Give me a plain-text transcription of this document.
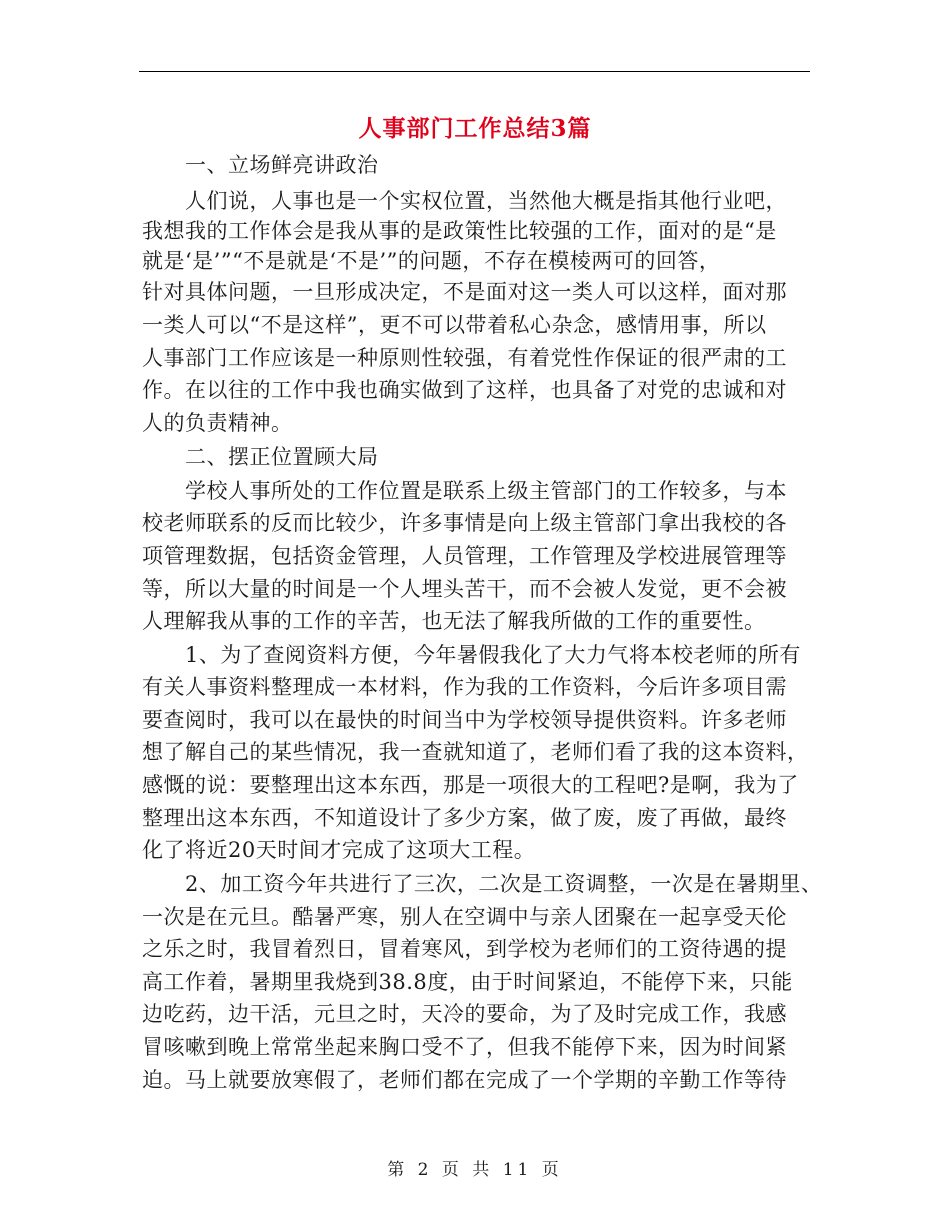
人事部门工作总结3篇
　　一、立场鲜亮讲政治
　　人们说，人事也是一个实权位置，当然他大概是指其他行业吧，
我想我的工作体会是我从事的是政策性比较强的工作，面对的是“是
就是‘是’”“不是就是‘不是’”的问题，不存在模棱两可的回答，
针对具体问题，一旦形成决定，不是面对这一类人可以这样，面对那
一类人可以“不是这样”，更不可以带着私心杂念，感情用事，所以
人事部门工作应该是一种原则性较强，有着党性作保证的很严肃的工
作。在以往的工作中我也确实做到了这样，也具备了对党的忠诚和对
人的负责精神。
　　二、摆正位置顾大局
　　学校人事所处的工作位置是联系上级主管部门的工作较多，与本
校老师联系的反而比较少，许多事情是向上级主管部门拿出我校的各
项管理数据，包括资金管理，人员管理，工作管理及学校进展管理等
等，所以大量的时间是一个人埋头苦干，而不会被人发觉，更不会被
人理解我从事的工作的辛苦，也无法了解我所做的工作的重要性。
　　1、为了查阅资料方便，今年暑假我化了大力气将本校老师的所有
有关人事资料整理成一本材料，作为我的工作资料，今后许多项目需
要查阅时，我可以在最快的时间当中为学校领导提供资料。许多老师
想了解自己的某些情况，我一查就知道了，老师们看了我的这本资料，
感慨的说：要整理出这本东西，那是一项很大的工程吧?是啊，我为了
整理出这本东西，不知道设计了多少方案，做了废，废了再做，最终
化了将近20天时间才完成了这项大工程。
　　2、加工资今年共进行了三次，二次是工资调整，一次是在暑期里、
一次是在元旦。酷暑严寒，别人在空调中与亲人团聚在一起享受天伦
之乐之时，我冒着烈日，冒着寒风，到学校为老师们的工资待遇的提
高工作着，暑期里我烧到38.8度，由于时间紧迫，不能停下来，只能
边吃药，边干活，元旦之时，天冷的要命，为了及时完成工作，我感
冒咳嗽到晚上常常坐起来胸口受不了，但我不能停下来，因为时间紧
迫。马上就要放寒假了，老师们都在完成了一个学期的辛勤工作等待
第 2 页 共 11 页
